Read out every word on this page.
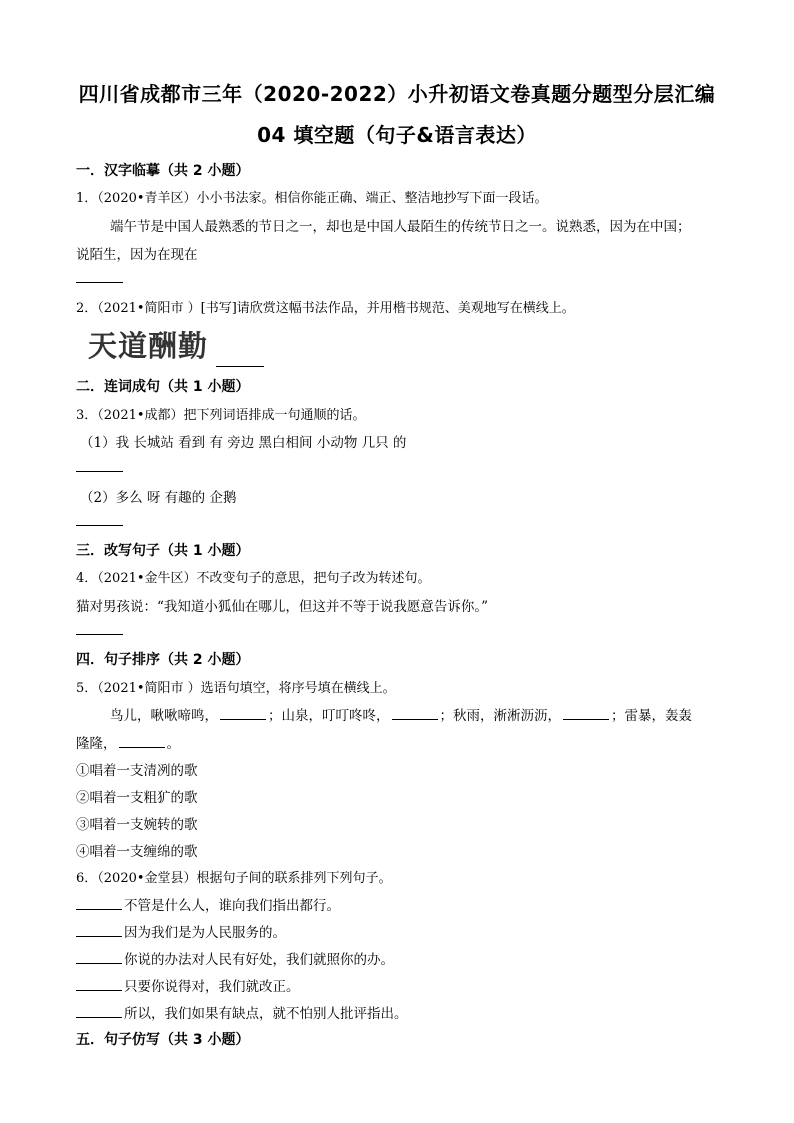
四川省成都市三年（2020-2022）小升初语文卷真题分题型分层汇编
04 填空题（句子&语言表达）
一．汉字临摹（共 2 小题）
1．（2020•青羊区）小小书法家。相信你能正确、端正、整洁地抄写下面一段话。
端午节是中国人最熟悉的节日之一，却也是中国人最陌生的传统节日之一。说熟悉，因为在中国；
说陌生，因为在现在
2．（2021•简阳市 ）[书写]请欣赏这幅书法作品，并用楷书规范、美观地写在横线上。
天道酬勤
二．连词成句（共 1 小题）
3．（2021•成都）把下列词语排成一句通顺的话。
（1）我 长城站 看到 有 旁边 黑白相间 小动物 几只 的
（2）多么 呀 有趣的 企鹅
三．改写句子（共 1 小题）
4．（2021•金牛区）不改变句子的意思，把句子改为转述句。
猫对男孩说：“我知道小狐仙在哪儿，但这并不等于说我愿意告诉你。”
四．句子排序（共 2 小题）
5．（2021•简阳市 ）选语句填空，将序号填在横线上。
鸟儿，啾啾啼鸣，	；山泉，叮叮咚咚，	；秋雨，淅淅沥沥，	；雷暴，轰轰
隆隆，	。
①唱着一支清冽的歌
②唱着一支粗犷的歌
③唱着一支婉转的歌
④唱着一支缠绵的歌
6．（2020•金堂县）根据句子间的联系排列下列句子。
不管是什么人，谁向我们指出都行。
因为我们是为人民服务的。
你说的办法对人民有好处，我们就照你的办。
只要你说得对，我们就改正。
所以，我们如果有缺点，就不怕别人批评指出。
五．句子仿写（共 3 小题）
